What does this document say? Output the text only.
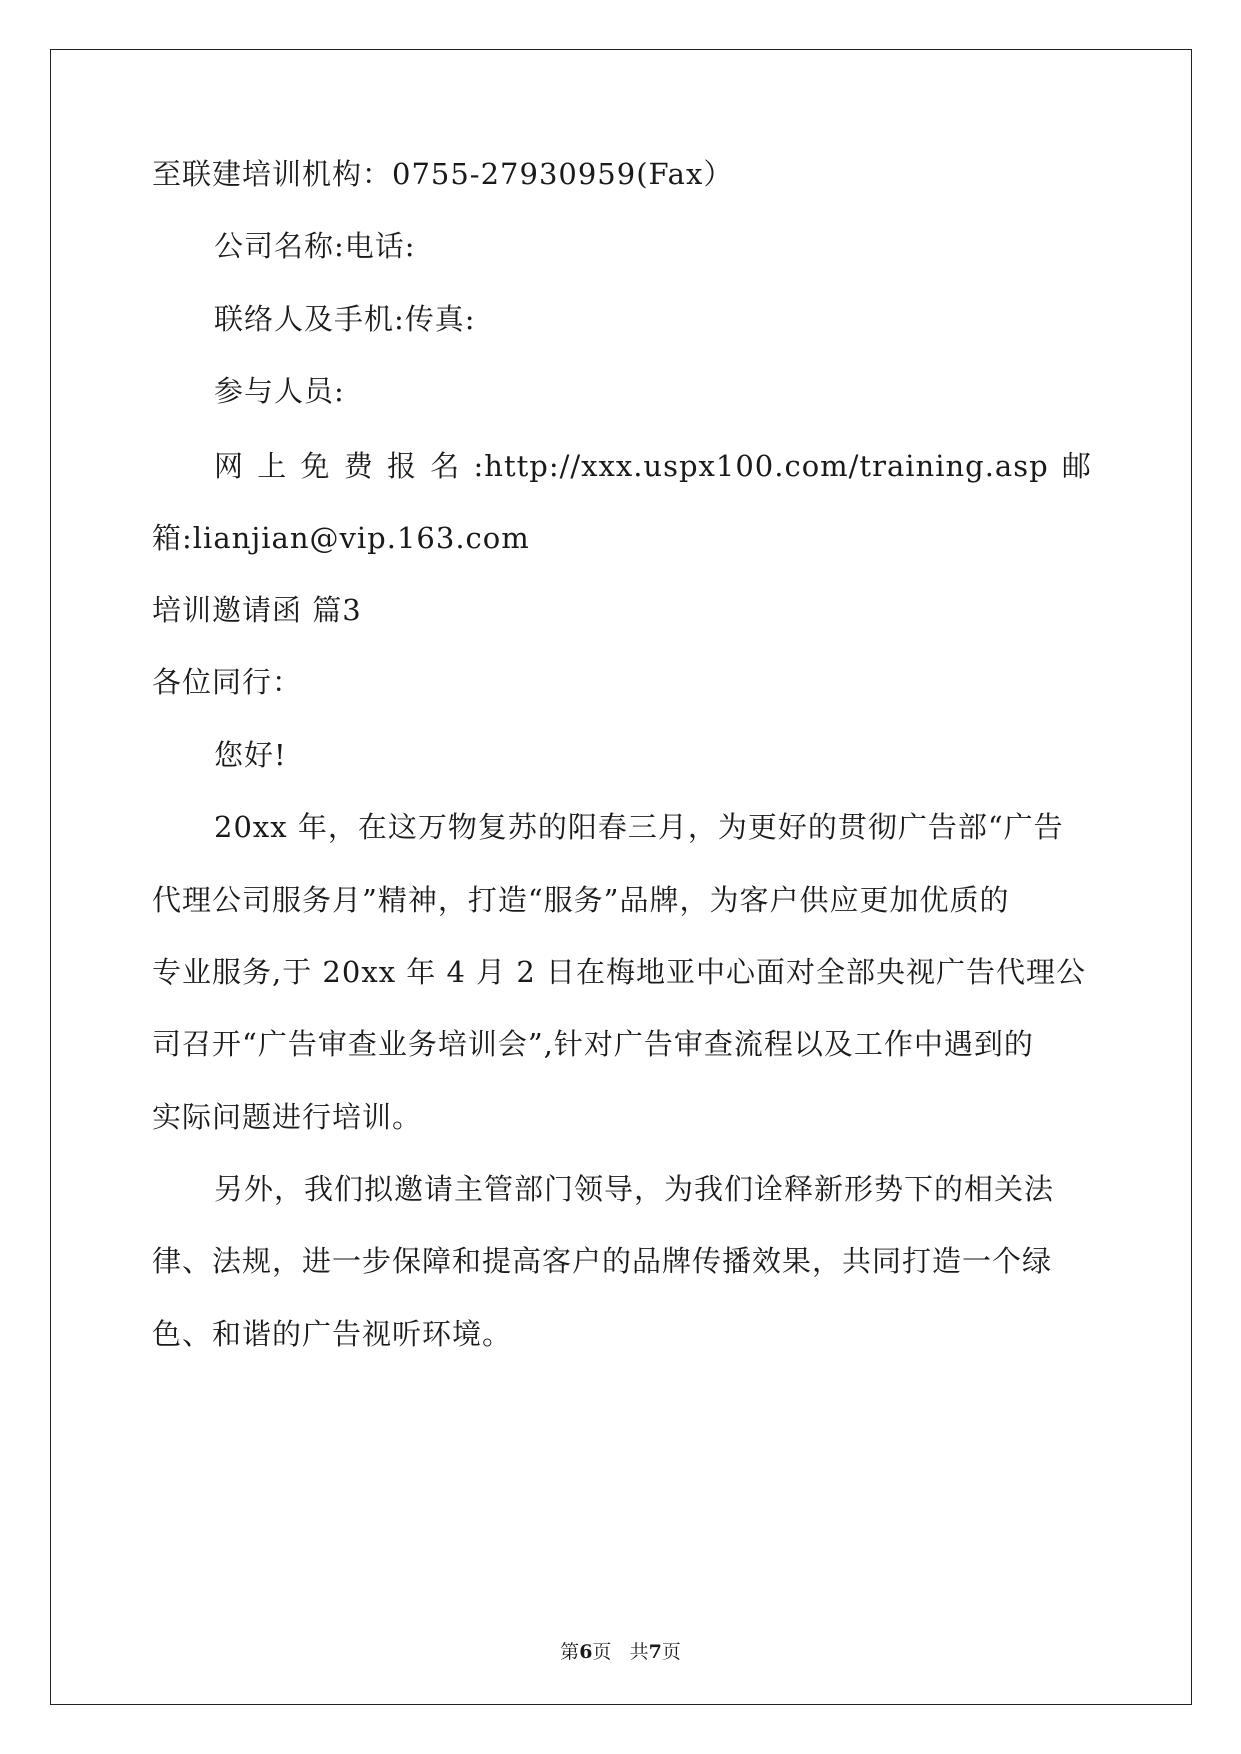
至联建培训机构：0755-27930959(Fax）
公司名称:电话:
联络人及手机:传真:
参与人员:
网 上 免 费 报 名 :http://xxx.uspx100.com/training.asp 邮
箱:lianjian@vip.163.com
培训邀请函 篇3
各位同行：
您好!
20xx 年，在这万物复苏的阳春三月，为更好的贯彻广告部“广告
代理公司服务月”精神，打造“服务”品牌，为客户供应更加优质的
专业服务,于 20xx 年 4 月 2 日在梅地亚中心面对全部央视广告代理公
司召开“广告审查业务培训会”,针对广告审查流程以及工作中遇到的
实际问题进行培训。
另外，我们拟邀请主管部门领导，为我们诠释新形势下的相关法
律、法规，进一步保障和提高客户的品牌传播效果，共同打造一个绿
色、和谐的广告视听环境。
第6页 共7页
